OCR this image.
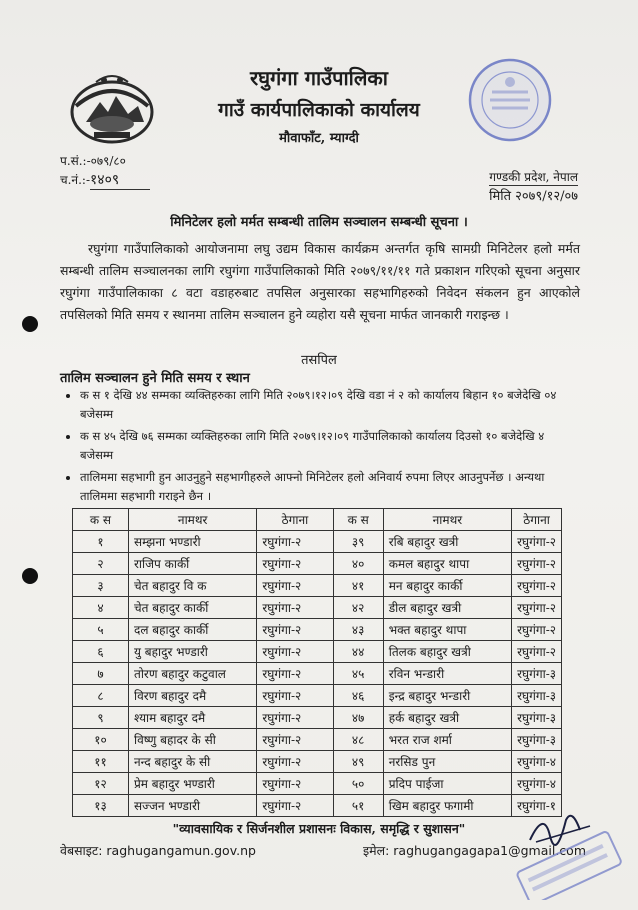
रघुगंगा गाउँपालिका
गाउँ कार्यपालिकाको कार्यालय
मौवाफाँट, म्याग्दी
प.सं.:-०७९/८०
च.नं.:-१४०९	गण्डकी प्रदेश, नेपाल
मिति २०७९/१२/०७
मिनिटेलर हलो मर्मत सम्बन्धी तालिम सञ्चालन सम्बन्धी सूचना ।
रघुगंगा गाउँपालिकाको आयोजनामा लघु उद्यम विकास कार्यक्रम अन्तर्गत कृषि सामग्री मिनिटेलर हलो मर्मत सम्बन्धी तालिम सञ्चालनका लागि रघुगंगा गाउँपालिकाको मिति २०७९/११/११ गते प्रकाशन गरिएको सूचना अनुसार रघुगंगा गाउँपालिकाका ८ वटा वडाहरुबाट तपसिल अनुसारका सहभागिहरुको निवेदन संकलन हुन आएकोले तपसिलको मिति समय र स्थानमा तालिम सञ्चालन हुने व्यहोरा यसै सूचना मार्फत जानकारी गराइन्छ ।
तसपिल
तालिम सञ्चालन हुने मिति समय र स्थान
• क स १ देखि ४४ सम्मका व्यक्तिहरुका लागि मिति २०७९।१२।०९ देखि वडा नं २ को कार्यालय बिहान १० बजेदेखि ०४ बजेसम्म
• क स ४५ देखि ७६ सम्मका व्यक्तिहरुका लागि मिति २०७९।१२।०९ गाउँपालिकाको कार्यालय दिउसो १० बजेदेखि ४ बजेसम्म
• तालिममा सहभागी हुन आउनुहुने सहभागीहरुले आफ्नो मिनिटेलर हलो अनिवार्य रुपमा लिएर आउनुपर्नेछ । अन्यथा तालिममा सहभागी गराइने छैन ।
क स	नामथर	ठेगाना	क स	नामथर	ठेगाना
१	सम्झना भण्डारी	रघुगंगा-२	३९	रबि बहादुर खत्री	रघुगंगा-२
२	राजिप कार्की	रघुगंगा-२	४०	कमल बहादुर थापा	रघुगंगा-२
३	चेत बहादुर वि क	रघुगंगा-२	४१	मन बहादुर कार्की	रघुगंगा-२
४	चेत बहादुर कार्की	रघुगंगा-२	४२	डील बहादुर खत्री	रघुगंगा-२
५	दल बहादुर कार्की	रघुगंगा-२	४३	भक्त बहादुर थापा	रघुगंगा-२
६	यु बहादुर भण्डारी	रघुगंगा-२	४४	तिलक बहादुर खत्री	रघुगंगा-२
७	तोरण बहादुर कटुवाल	रघुगंगा-२	४५	रविन भन्डारी	रघुगंगा-३
८	विरण बहादुर दमै	रघुगंगा-२	४६	इन्द्र बहादुर भन्डारी	रघुगंगा-३
९	श्याम बहादुर दमै	रघुगंगा-२	४७	हर्क बहादुर खत्री	रघुगंगा-३
१०	विष्णु बहादर के सी	रघुगंगा-२	४८	भरत राज शर्मा	रघुगंगा-३
११	नन्द बहादुर के सी	रघुगंगा-२	४९	नरसिड पुन	रघुगंगा-४
१२	प्रेम बहादुर भण्डारी	रघुगंगा-२	५०	प्रदिप पाईजा	रघुगंगा-४
१३	सज्जन भण्डारी	रघुगंगा-२	५१	खिम बहादुर फगामी	रघुगंगा-१
"व्यावसायिक र सिर्जनशील प्रशासनः विकास, समृद्धि र सुशासन"
वेबसाइट: raghugangamun.gov.np	इमेल: raghugangagapa1@gmail.com
